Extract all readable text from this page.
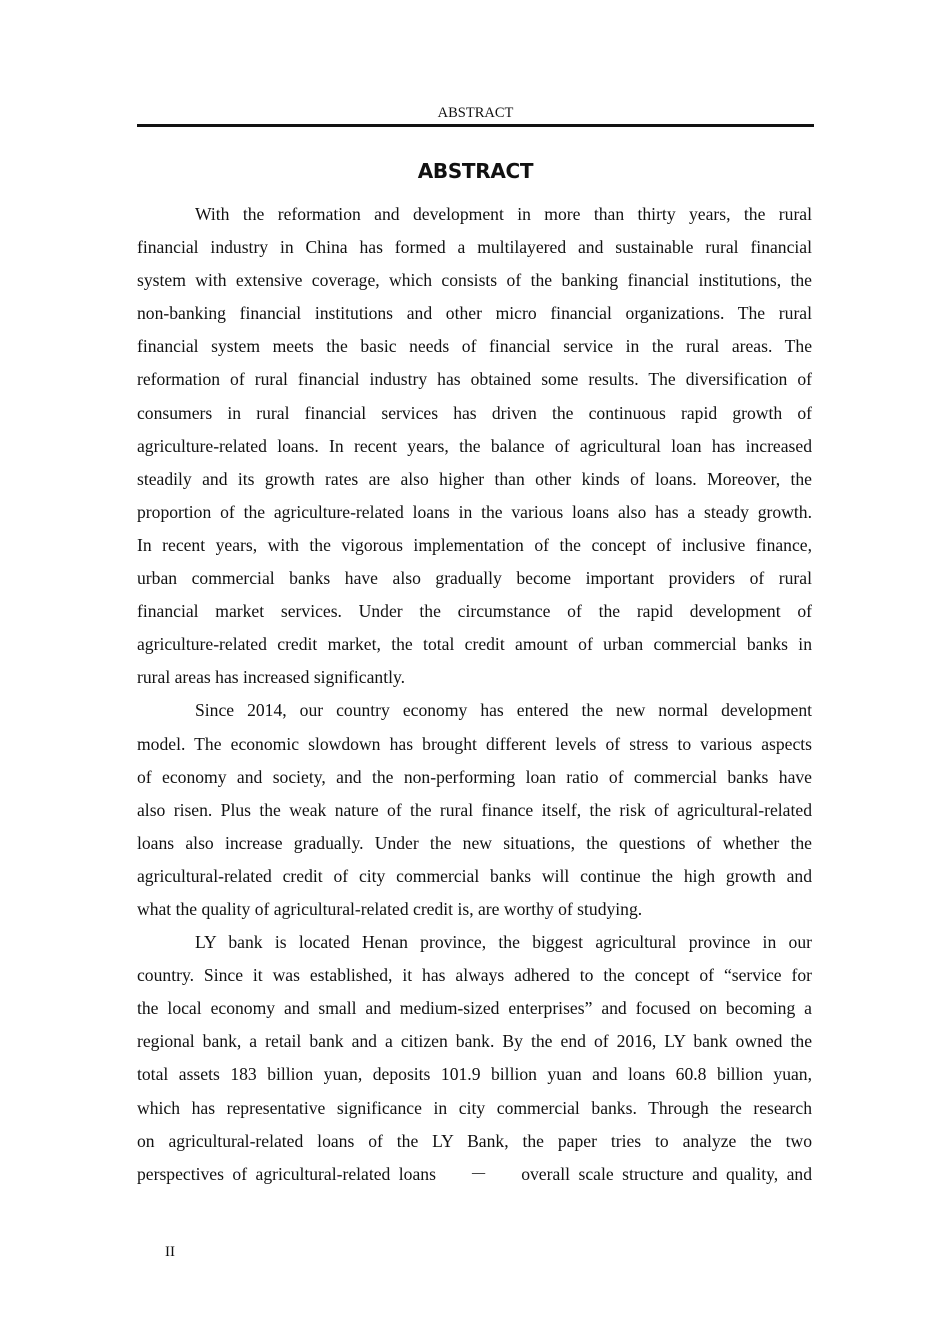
ABSTRACT
ABSTRACT
With the reformation and development in more than thirty years, the rural
financial industry in China has formed a multilayered and sustainable rural financial
system with extensive coverage, which consists of the banking financial institutions, the
non-banking financial institutions and other micro financial organizations. The rural
financial system meets the basic needs of financial service in the rural areas. The
reformation of rural financial industry has obtained some results. The diversification of
consumers in rural financial services has driven the continuous rapid growth of
agriculture-related loans. In recent years, the balance of agricultural loan has increased
steadily and its growth rates are also higher than other kinds of loans. Moreover, the
proportion of the agriculture-related loans in the various loans also has a steady growth.
In recent years, with the vigorous implementation of the concept of inclusive finance,
urban commercial banks have also gradually become important providers of rural
financial market services. Under the circumstance of the rapid development of
agriculture-related credit market, the total credit amount of urban commercial banks in
rural areas has increased significantly.
Since 2014, our country economy has entered the new normal development
model. The economic slowdown has brought different levels of stress to various aspects
of economy and society, and the non-performing loan ratio of commercial banks have
also risen. Plus the weak nature of the rural finance itself, the risk of agricultural-related
loans also increase gradually. Under the new situations, the questions of whether the
agricultural-related credit of city commercial banks will continue the high growth and
what the quality of agricultural-related credit is, are worthy of studying.
LY bank is located Henan province, the biggest agricultural province in our
country. Since it was established, it has always adhered to the concept of “service for
the local economy and small and medium-sized enterprises” and focused on becoming a
regional bank, a retail bank and a citizen bank. By the end of 2016, LY bank owned the
total assets 183 billion yuan, deposits 101.9 billion yuan and loans 60.8 billion yuan,
which has representative significance in city commercial banks. Through the research
on agricultural-related loans of the LY Bank, the paper tries to analyze the two
perspectives of agricultural-related loans    －    overall scale structure and quality, and
II
